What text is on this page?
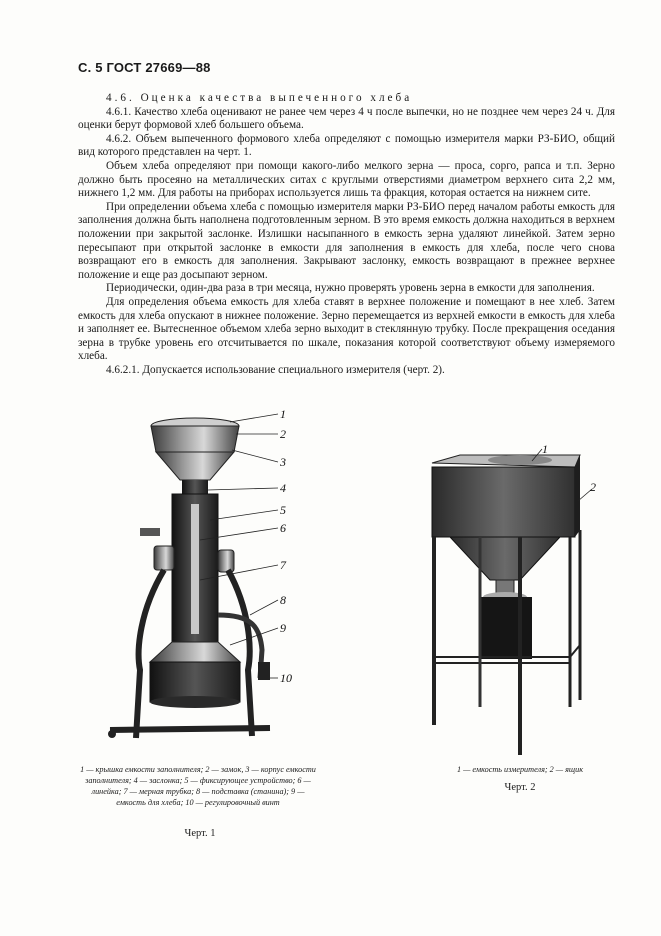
С. 5 ГОСТ 27669—88

4.6. Оценка качества выпеченного хлеба

4.6.1. Качество хлеба оценивают не ранее чем через 4 ч после выпечки, но не позднее чем через 24 ч. Для оценки берут формовой хлеб большего объема.

4.6.2. Объем выпеченного формового хлеба определяют с помощью измерителя марки РЗ-БИО, общий вид которого представлен на черт. 1.

Объем хлеба определяют при помощи какого-либо мелкого зерна — проса, сорго, рапса и т.п. Зерно должно быть просеяно на металлических ситах с круглыми отверстиями диаметром верхнего сита 2,2 мм, нижнего 1,2 мм. Для работы на приборах используется лишь та фракция, которая остается на нижнем сите.

При определении объема хлеба с помощью измерителя марки РЗ-БИО перед началом работы емкость для заполнения должна быть наполнена подготовленным зерном. В это время емкость должна находиться в верхнем положении при закрытой заслонке. Излишки насыпанного в емкость зерна удаляют линейкой. Затем зерно пересыпают при открытой заслонке в емкости для заполнения в емкость для хлеба, после чего снова возвращают его в емкость для заполнения. Закрывают заслонку, емкость возвращают в прежнее верхнее положение и еще раз досыпают зерном.

Периодически, один-два раза в три месяца, нужно проверять уровень зерна в емкости для заполнения.

Для определения объема емкость для хлеба ставят в верхнее положение и помещают в нее хлеб. Затем емкость для хлеба опускают в нижнее положение. Зерно перемещается из верхней емкости в емкость для хлеба и заполняет ее. Вытесненное объемом хлеба зерно выходит в стеклянную трубку. После прекращения оседания зерна в трубке уровень его отсчитывается по шкале, показания которой соответствуют объему измеряемого хлеба.

4.6.2.1. Допускается использование специального измерителя (черт. 2).

1
2
3
4
5
6
7
8
9
10
1 — крышка емкости заполнителя; 2 — замок, 3 — корпус емкости заполнителя; 4 — заслонка; 5 — фиксирующее устройство; 6 — линейка; 7 — мерная трубка; 8 — подставка (станина); 9 — емкость для хлеба; 10 — регулировочный винт
Черт. 1
1
2
1 — емкость измерителя; 2 — ящик
Черт. 2
